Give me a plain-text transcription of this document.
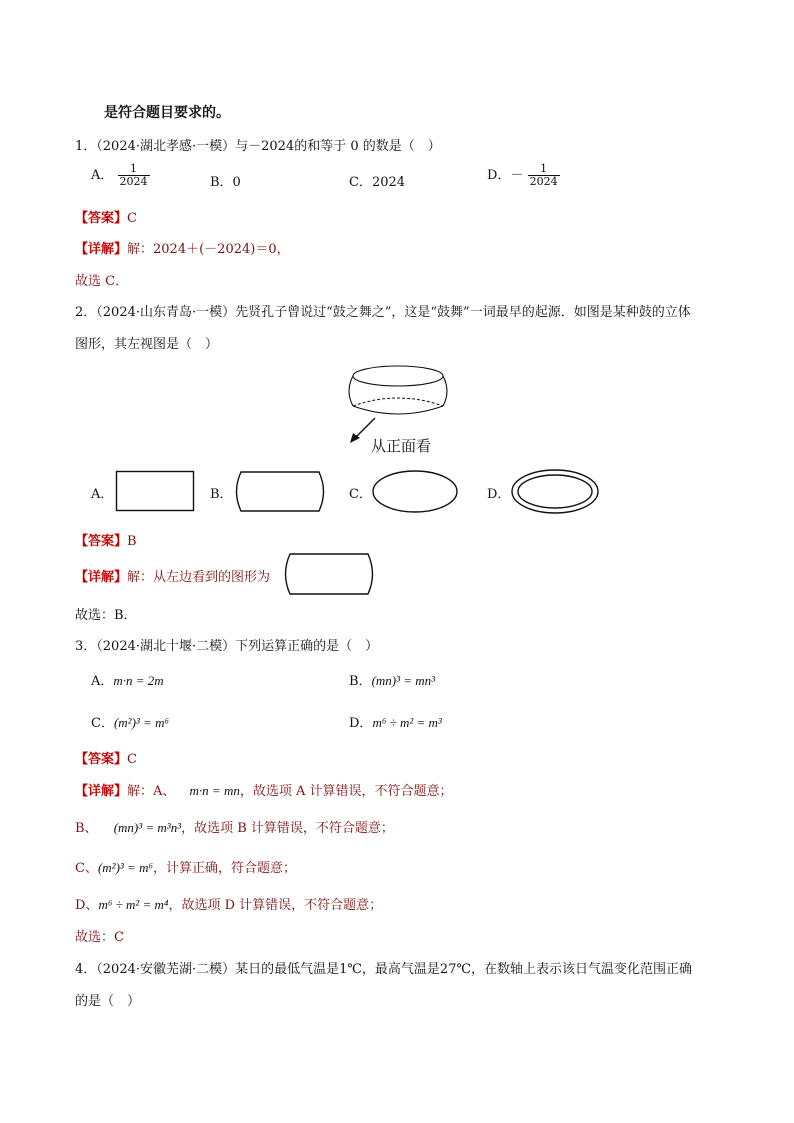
是符合题目要求的。
1．（2024·湖北孝感·一模）与－2024的和等于 0 的数是（　）
A． $\frac{1}{2024}$	B．0	C．2024	D．－ $\frac{1}{2024}$
【答案】C
【详解】解：2024＋(－2024)＝0，
故选 C．
2．（2024·山东青岛·一模）先贤孔子曾说过“鼓之舞之”，这是“鼓舞”一词最早的起源．如图是某种鼓的立体
图形，其左视图是（　）
从正面看
A．	B．	C．	D．
【答案】B
【详解】解：从左边看到的图形为
故选：B．
3．（2024·湖北十堰·二模）下列运算正确的是（　）
A．m·n = 2m	B．(mn)³ = mn³
C．(m²)³ = m⁶	D．m⁶ ÷ m² = m³
【答案】C
【详解】解：A、 m·n = mn，故选项 A 计算错误，不符合题意；
B、 (mn)³ = m³n³，故选项 B 计算错误，不符合题意；
C、(m²)³ = m⁶，计算正确，符合题意；
D、m⁶ ÷ m² = m⁴，故选项 D 计算错误，不符合题意；
故选：C
4．（2024·安徽芜湖·二模）某日的最低气温是1℃，最高气温是27℃，在数轴上表示该日气温变化范围正确
的是（　）
